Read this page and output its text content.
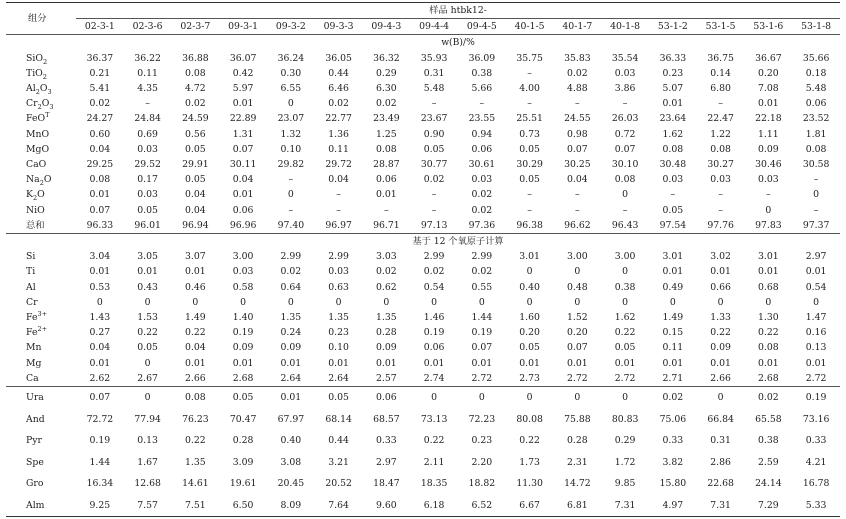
组分	样品 htbk12-															
	02-3-1	02-3-6	02-3-7	09-3-1	09-3-2	09-3-3	09-4-3	09-4-4	09-4-5	40-1-5	40-1-7	40-1-8	53-1-2	53-1-5	53-1-6	53-1-8
	w(B)/%															
SiO$_2$	36.37	36.22	36.88	36.07	36.24	36.05	36.32	35.93	36.09	35.75	35.83	35.54	36.33	36.75	36.67	35.66
TiO$_2$	0.21	0.11	0.08	0.42	0.30	0.44	0.29	0.31	0.38	–	0.02	0.03	0.23	0.14	0.20	0.18
$Al_2O_3$	5.41	4.35	4.72	5.97	6.55	6.46	6.30	5.48	5.66	4.00	4.88	3.86	5.07	6.80	7.08	5.48
$Cr_2O_3$	0.02	–	0.02	0.01	0	0.02	0.02	–	–	–	–	–	0.01	–	0.01	0.06
FeO$^T$	24.27	24.84	24.59	22.89	23.07	22.77	23.49	23.67	23.55	25.51	24.55	26.03	23.64	22.47	22.18	23.52
MnO	0.60	0.69	0.56	1.31	1.32	1.36	1.25	0.90	0.94	0.73	0.98	0.72	1.62	1.22	1.11	1.81
MgO	0.04	0.03	0.05	0.07	0.10	0.11	0.08	0.05	0.06	0.05	0.07	0.07	0.08	0.08	0.09	0.08
CaO	29.25	29.52	29.91	30.11	29.82	29.72	28.87	30.77	30.61	30.29	30.25	30.10	30.48	30.27	30.46	30.58
$Na_2O$	0.08	0.17	0.05	0.04	–	0.04	0.06	0.02	0.03	0.05	0.04	0.08	0.03	0.03	0.03	–
$K_2O$	0.01	0.03	0.04	0.01	0	–	0.01	–	0.02	–	–	0	–	–	–	0
NiO	0.07	0.05	0.04	0.06	–	–	–	–	0.02	–	–	–	0.05	–	0	–
总和	96.33	96.01	96.94	96.96	97.40	96.97	96.71	97.13	97.36	96.38	96.62	96.43	97.54	97.76	97.83	97.37
	基于 12 个氧原子计算															
Si	3.04	3.05	3.07	3.00	2.99	2.99	3.03	2.99	2.99	3.01	3.00	3.00	3.01	3.02	3.01	2.97
Ti	0.01	0.01	0.01	0.03	0.02	0.03	0.02	0.02	0.02	0	0	0	0.01	0.01	0.01	0.01
Al	0.53	0.43	0.46	0.58	0.64	0.63	0.62	0.54	0.55	0.40	0.48	0.38	0.49	0.66	0.68	0.54
Cr	0	0	0	0	0	0	0	0	0	0	0	0	0	0	0	0
$Fe^{3+}$	1.43	1.53	1.49	1.40	1.35	1.35	1.35	1.46	1.44	1.60	1.52	1.62	1.49	1.33	1.30	1.47
$Fe^{2+}$	0.27	0.22	0.22	0.19	0.24	0.23	0.28	0.19	0.19	0.20	0.20	0.22	0.15	0.22	0.22	0.16
Mn	0.04	0.05	0.04	0.09	0.09	0.10	0.09	0.06	0.07	0.05	0.07	0.05	0.11	0.09	0.08	0.13
Mg	0.01	0	0.01	0.01	0.01	0.01	0.01	0.01	0.01	0.01	0.01	0.01	0.01	0.01	0.01	0.01
Ca	2.62	2.67	2.66	2.68	2.64	2.64	2.57	2.74	2.72	2.73	2.72	2.72	2.71	2.66	2.68	2.72
Ura	0.07	0	0.08	0.05	0.01	0.05	0.06	0	0	0	0	0	0.02	0	0.02	0.19
And	72.72	77.94	76.23	70.47	67.97	68.14	68.57	73.13	72.23	80.08	75.88	80.83	75.06	66.84	65.58	73.16
Pyr	0.19	0.13	0.22	0.28	0.40	0.44	0.33	0.22	0.23	0.22	0.28	0.29	0.33	0.31	0.38	0.33
Spe	1.44	1.67	1.35	3.09	3.08	3.21	2.97	2.11	2.20	1.73	2.31	1.72	3.82	2.86	2.59	4.21
Gro	16.34	12.68	14.61	19.61	20.45	20.52	18.47	18.35	18.82	11.30	14.72	9.85	15.80	22.68	24.14	16.78
Alm	9.25	7.57	7.51	6.50	8.09	7.64	9.60	6.18	6.52	6.67	6.81	7.31	4.97	7.31	7.29	5.33
